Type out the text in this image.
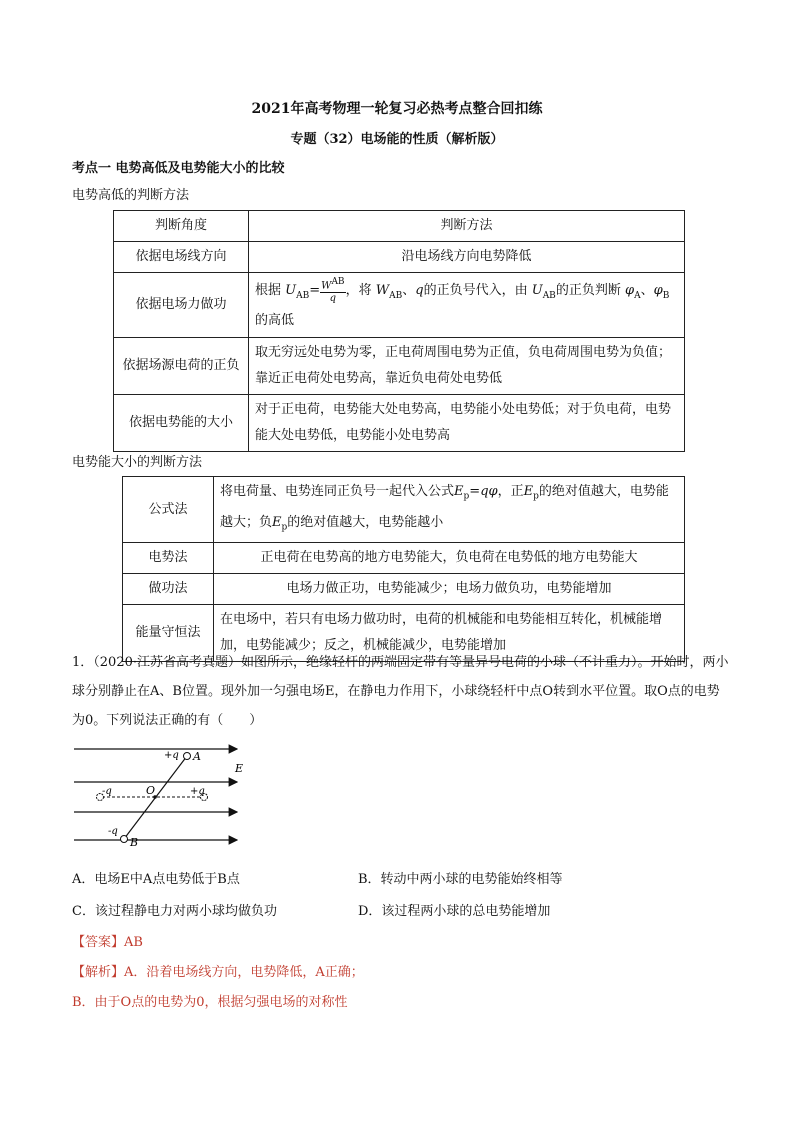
2021年高考物理一轮复习必热考点整合回扣练
专题（32）电场能的性质（解析版）
考点一 电势高低及电势能大小的比较
电势高低的判断方法
判断角度	判断方法
依据电场线方向	沿电场线方向电势降低
依据电场力做功	根据 $U_{AB}= \frac{W^{AB}}{q}$ ，将 $W_{AB}$、q的正负号代入，由 $U_{AB}$的正负判断 $\varphi_A$、$\varphi_B$
的高低
依据场源电荷的正负	取无穷远处电势为零，正电荷周围电势为正值，负电荷周围电势为负值；靠近正电荷处电势高，靠近负电荷处电势低
依据电势能的大小	对于正电荷，电势能大处电势高，电势能小处电势低；对于负电荷，电势能大处电势低，电势能小处电势高
电势能大小的判断方法
公式法	将电荷量、电势连同正负号一起代入公式$E_p=q\varphi$，正$E_p$的绝对值越大，电势能越大；负$E_p$的绝对值越大，电势能越小
电势法	正电荷在电势高的地方电势能大，负电荷在电势低的地方电势能大
做功法	电场力做正功，电势能减少；电场力做负功，电势能增加
能量守恒法	在电场中，若只有电场力做功时，电荷的机械能和电势能相互转化，机械能增加，电势能减少；反之，机械能减少，电势能增加
1．（2020·江苏省高考真题）如图所示，绝缘轻杆的两端固定带有等量异号电荷的小球（不计重力）。开始时，两小球分别静止在A、B位置。现外加一匀强电场E，在静电力作用下，小球绕轻杆中点O转到水平位置。取O点的电势为0。下列说法正确的有（　　）
+q A
E
O
-q	+q
-q
B
A．电场E中A点电势低于B点	B．转动中两小球的电势能始终相等
C．该过程静电力对两小球均做负功	D．该过程两小球的总电势能增加
【答案】AB
【解析】A．沿着电场线方向，电势降低，A正确；
B．由于O点的电势为0，根据匀强电场的对称性
